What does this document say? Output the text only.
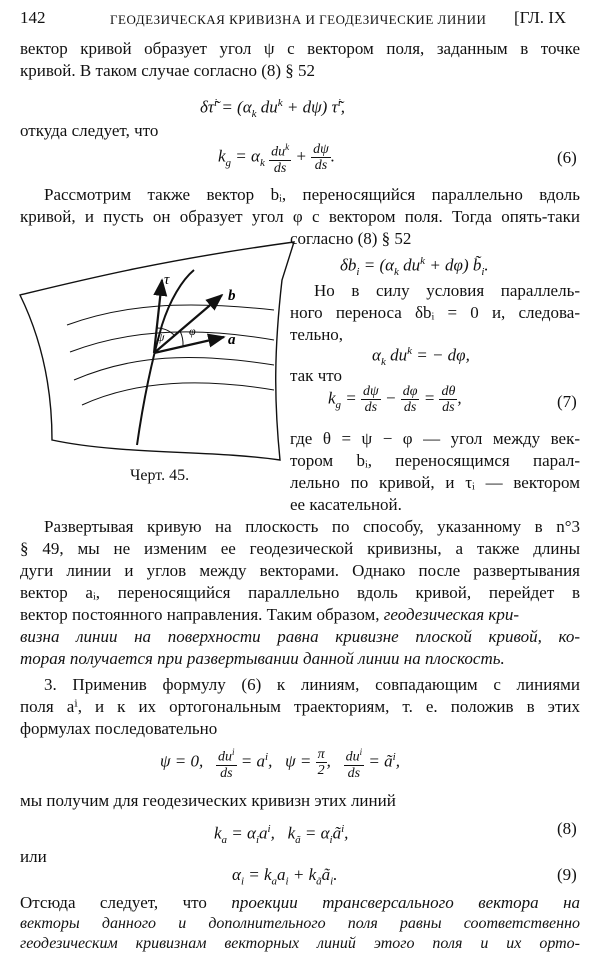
142	ГЕОДЕЗИЧЕСКАЯ КРИВИЗНА И ГЕОДЕЗИЧЕСКИЕ ЛИНИИ [ГЛ. IX
вектор кривой образует угол ψ с вектором поля, заданным в точке
кривой. В таком случае согласно (8) § 52
δτ̃$^i$ = ($\alpha_k$ $du^k + d\psi$) τ̃$^i$,
откуда следует, что
$k_g = \alpha_k \frac{du^k}{ds} + \frac{d\psi}{ds}$ .	(6)
Рассмотрим также вектор bᵢ, переносящийся параллельно вдоль
кривой, и пусть он образует угол φ с вектором поля. Тогда опять-таки
согласно (8) § 52
$\delta b_i = (\alpha_k$ $du^k + d\varphi$) $b̃_i$.
Но в силу условия параллель-
ного переноса δbᵢ = 0 и, следова-
тельно,
$\alpha_k$ $du^k$ = − dφ,
так что
$k_g = \frac{d\psi}{ds} - \frac{d\varphi}{ds} = \frac{d\theta}{ds}$ ,	(7)
где θ = ψ − φ — угол между век-
тором bᵢ, переносящимся парал-
лельно по кривой, и τᵢ — вектором
ее касательной.
τ
b
a
ψ φ
Черт. 45.
Развертывая кривую на плоскость по способу, указанному в n°3
§ 49, мы не изменим ее геодезической кривизны, а также длины
дуги линии и углов между векторами. Однако после развертывания
вектор aᵢ, переносящийся параллельно вдоль кривой, перейдет в
вектор постоянного направления. Таким образом, геодезическая кри-
визна линии на поверхности равна кривизне плоской кривой, ко-
торая получается при развертывании данной линии на плоскость.
3. Применив формулу (6) к линиям, совпадающим с линиями
поля aⁱ, и к их ортогональным траекториям, т. е. положив в этих
формулах последовательно
ψ = 0, $\frac{du^i}{ds} = a^i$,   $\psi = \frac{\pi}{2}$ , $\frac{du^i}{ds}$ = $ã^i$,
мы получим для геодезических кривизн этих линий
$k_a = \alpha_ia^i$,   $k_ã$ = $\alpha_iã^i$,	(8)
или
$\alpha_i = k_aa_i$ + $k_ãã_i$.	(9)
Отсюда следует, что проекции трансверсального вектора на
векторы данного и дополнительного поля равны соответственно
геодезическим кривизнам векторных линий этого поля и их орто-
